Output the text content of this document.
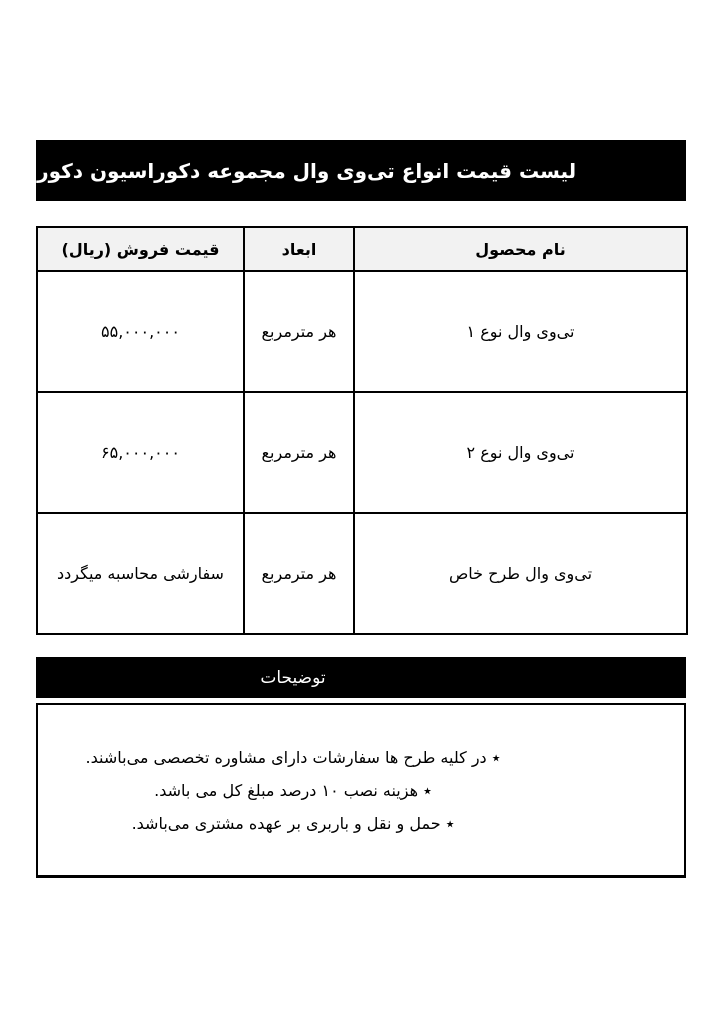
لیست قیمت انواع تی‌وی وال مجموعه دکوراسیون دکورلند
نام محصول	ابعاد	قیمت فروش (ریال)
تی‌وی وال نوع ۱	هر مترمربع	۵۵,۰۰۰,۰۰۰
تی‌وی وال نوع ۲	هر مترمربع	۶۵,۰۰۰,۰۰۰
تی‌وی وال طرح خاص	هر مترمربع	سفارشی محاسبه میگردد
توضیحات

٭ در کلیه طرح ها سفارشات دارای مشاوره تخصصی می‌باشند.

٭ هزینه نصب ۱۰ درصد مبلغ کل می باشد.

٭ حمل و نقل و باربری بر عهده مشتری می‌باشد.
